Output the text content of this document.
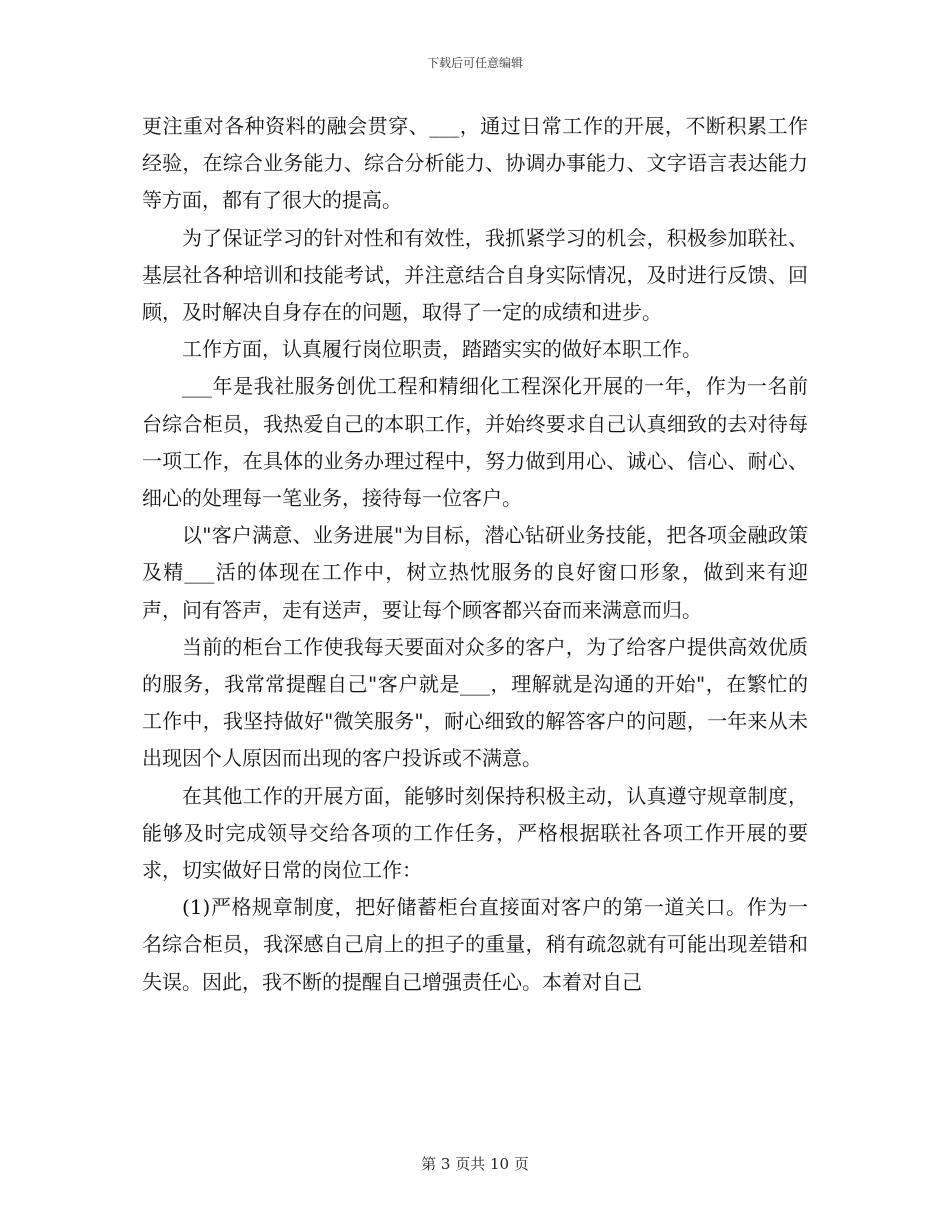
下载后可任意编辑

更注重对各种资料的融会贯穿、___，通过日常工作的开展，不断积累工作经验，在综合业务能力、综合分析能力、协调办事能力、文字语言表达能力等方面，都有了很大的提高。

为了保证学习的针对性和有效性，我抓紧学习的机会，积极参加联社、基层社各种培训和技能考试，并注意结合自身实际情况，及时进行反馈、回顾，及时解决自身存在的问题，取得了一定的成绩和进步。

工作方面，认真履行岗位职责，踏踏实实的做好本职工作。

___年是我社服务创优工程和精细化工程深化开展的一年，作为一名前台综合柜员，我热爱自己的本职工作，并始终要求自己认真细致的去对待每一项工作，在具体的业务办理过程中，努力做到用心、诚心、信心、耐心、细心的处理每一笔业务，接待每一位客户。

以"客户满意、业务进展"为目标，潜心钻研业务技能，把各项金融政策及精___活的体现在工作中，树立热忱服务的良好窗口形象，做到来有迎声，问有答声，走有送声，要让每个顾客都兴奋而来满意而归。

当前的柜台工作使我每天要面对众多的客户，为了给客户提供高效优质的服务，我常常提醒自己"客户就是___，理解就是沟通的开始"，在繁忙的工作中，我坚持做好"微笑服务"，耐心细致的解答客户的问题，一年来从未出现因个人原因而出现的客户投诉或不满意。

在其他工作的开展方面，能够时刻保持积极主动，认真遵守规章制度，能够及时完成领导交给各项的工作任务，严格根据联社各项工作开展的要求，切实做好日常的岗位工作：

(1)严格规章制度，把好储蓄柜台直接面对客户的第一道关口。作为一名综合柜员，我深感自己肩上的担子的重量，稍有疏忽就有可能出现差错和失误。因此，我不断的提醒自己增强责任心。本着对自己

第 3 页共 10 页
